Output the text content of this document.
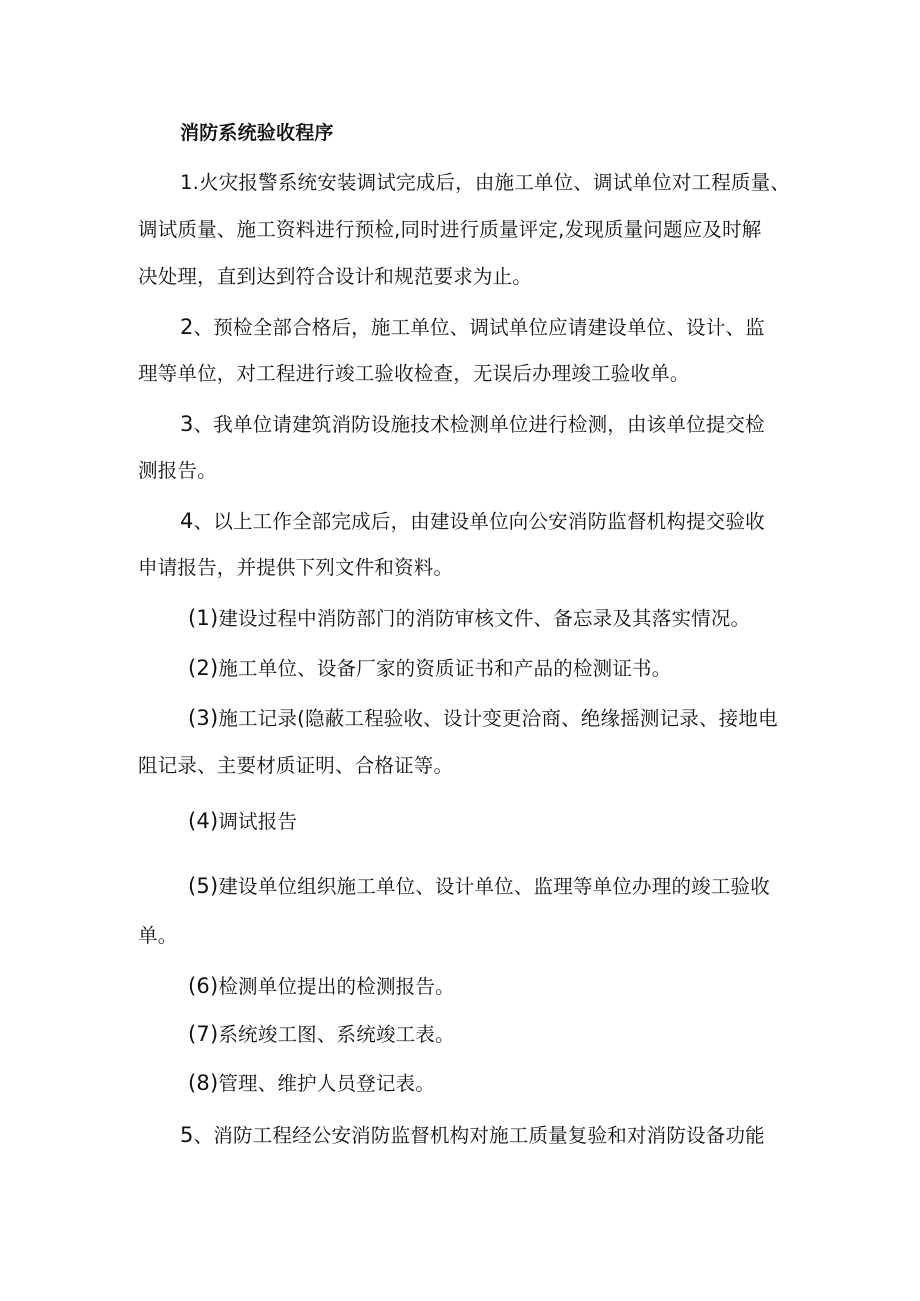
消防系统验收程序
1.火灾报警系统安装调试完成后，由施工单位、调试单位对工程质量、
调试质量、施工资料进行预检,同时进行质量评定,发现质量问题应及时解
决处理，直到达到符合设计和规范要求为止。
2、预检全部合格后，施工单位、调试单位应请建设单位、设计、监
理等单位，对工程进行竣工验收检查，无误后办理竣工验收单。
3、我单位请建筑消防设施技术检测单位进行检测，由该单位提交检
测报告。
4、以上工作全部完成后，由建设单位向公安消防监督机构提交验收
申请报告，并提供下列文件和资料。
(1)建设过程中消防部门的消防审核文件、备忘录及其落实情况。
(2)施工单位、设备厂家的资质证书和产品的检测证书。
(3)施工记录(隐蔽工程验收、设计变更洽商、绝缘摇测记录、接地电
阻记录、主要材质证明、合格证等。
(4)调试报告
(5)建设单位组织施工单位、设计单位、监理等单位办理的竣工验收
单。
(6)检测单位提出的检测报告。
(7)系统竣工图、系统竣工表。
(8)管理、维护人员登记表。
5、消防工程经公安消防监督机构对施工质量复验和对消防设备功能
